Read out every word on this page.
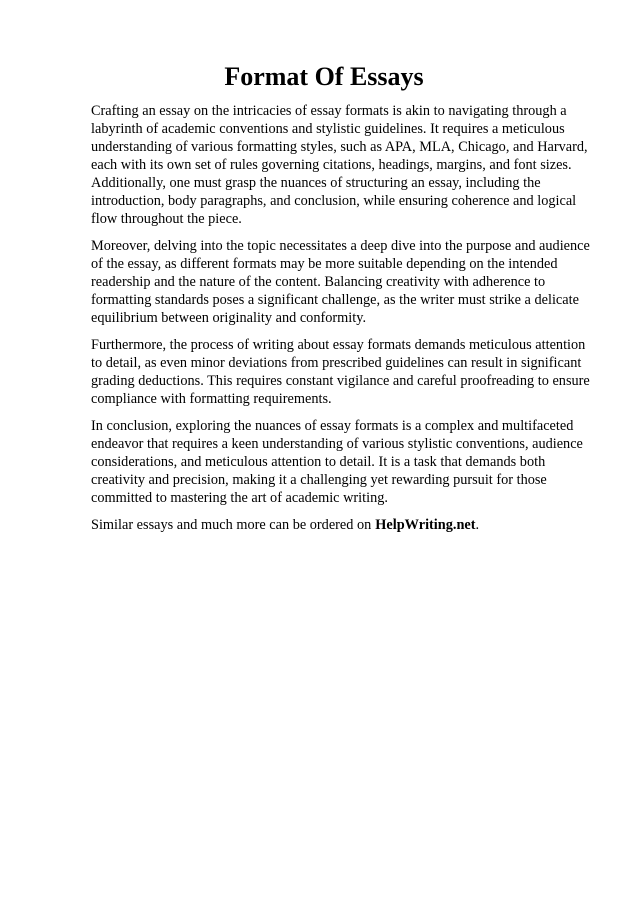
Format Of Essays

Crafting an essay on the intricacies of essay formats is akin to navigating through a labyrinth of academic conventions and stylistic guidelines. It requires a meticulous understanding of various formatting styles, such as APA, MLA, Chicago, and Harvard, each with its own set of rules governing citations, headings, margins, and font sizes. Additionally, one must grasp the nuances of structuring an essay, including the introduction, body paragraphs, and conclusion, while ensuring coherence and logical flow throughout the piece.

Moreover, delving into the topic necessitates a deep dive into the purpose and audience of the essay, as different formats may be more suitable depending on the intended readership and the nature of the content. Balancing creativity with adherence to formatting standards poses a significant challenge, as the writer must strike a delicate equilibrium between originality and conformity.

Furthermore, the process of writing about essay formats demands meticulous attention to detail, as even minor deviations from prescribed guidelines can result in significant grading deductions. This requires constant vigilance and careful proofreading to ensure compliance with formatting requirements.

In conclusion, exploring the nuances of essay formats is a complex and multifaceted endeavor that requires a keen understanding of various stylistic conventions, audience considerations, and meticulous attention to detail. It is a task that demands both creativity and precision, making it a challenging yet rewarding pursuit for those committed to mastering the art of academic writing.

Similar essays and much more can be ordered on HelpWriting.net.
